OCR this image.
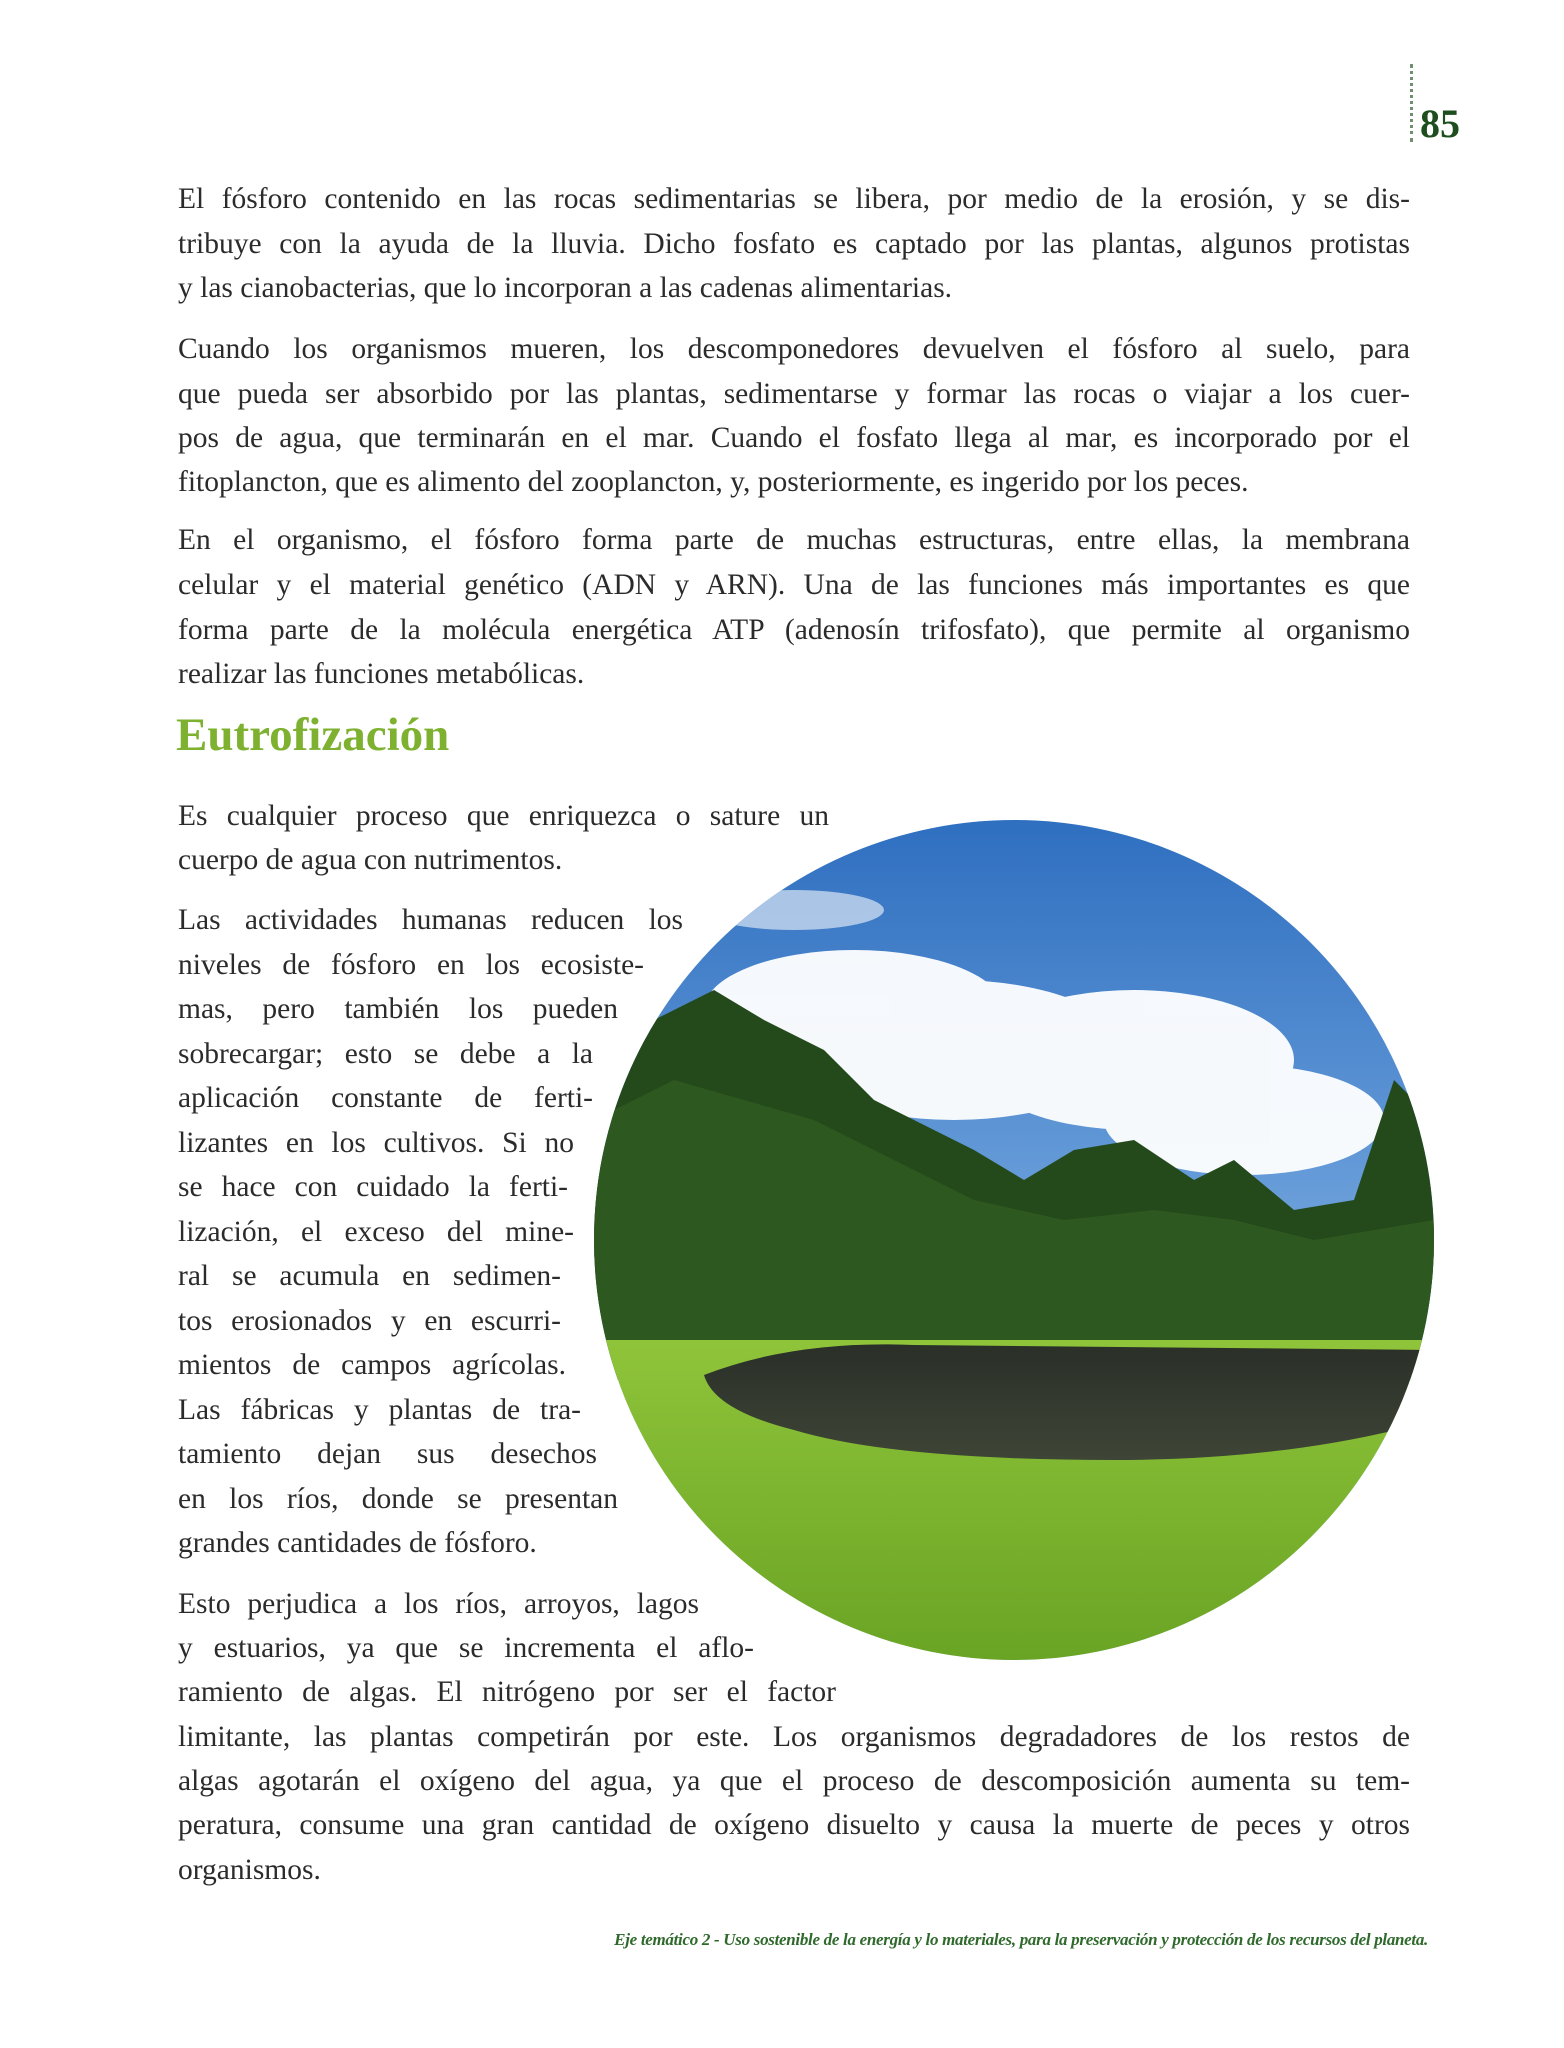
85
Eutrofización
El fósforo contenido en las rocas sedimentarias se libera, por medio de la erosión, y se dis-
tribuye con la ayuda de la lluvia. Dicho fosfato es captado por las plantas, algunos protistas
y las cianobacterias, que lo incorporan a las cadenas alimentarias.
Cuando los organismos mueren, los descomponedores devuelven el fósforo al suelo, para
que pueda ser absorbido por las plantas, sedimentarse y formar las rocas o viajar a los cuer-
pos de agua, que terminarán en el mar. Cuando el fosfato llega al mar, es incorporado por el
fitoplancton, que es alimento del zooplancton, y, posteriormente, es ingerido por los peces.
En el organismo, el fósforo forma parte de muchas estructuras, entre ellas, la membrana
celular y el material genético (ADN y ARN). Una de las funciones más importantes es que
forma parte de la molécula energética ATP (adenosín trifosfato), que permite al organismo
realizar las funciones metabólicas.
Es cualquier proceso que enriquezca o sature un
cuerpo de agua con nutrimentos.
Las actividades humanas reducen los
niveles de fósforo en los ecosiste-
mas, pero también los pueden
sobrecargar; esto se debe a la
aplicación constante de ferti-
lizantes en los cultivos. Si no
se hace con cuidado la ferti-
lización, el exceso del mine-
ral se acumula en sedimen-
tos erosionados y en escurri-
mientos de campos agrícolas.
Las fábricas y plantas de tra-
tamiento dejan sus desechos
en los ríos, donde se presentan
grandes cantidades de fósforo.
Esto perjudica a los ríos, arroyos, lagos
y estuarios, ya que se incrementa el aflo-
ramiento de algas. El nitrógeno por ser el factor
limitante, las plantas competirán por este. Los organismos degradadores de los restos de
algas agotarán el oxígeno del agua, ya que el proceso de descomposición aumenta su tem-
peratura, consume una gran cantidad de oxígeno disuelto y causa la muerte de peces y otros
organismos.
Eje temático 2 - Uso sostenible de la energía y lo materiales, para la preservación y protección de los recursos del planeta.
